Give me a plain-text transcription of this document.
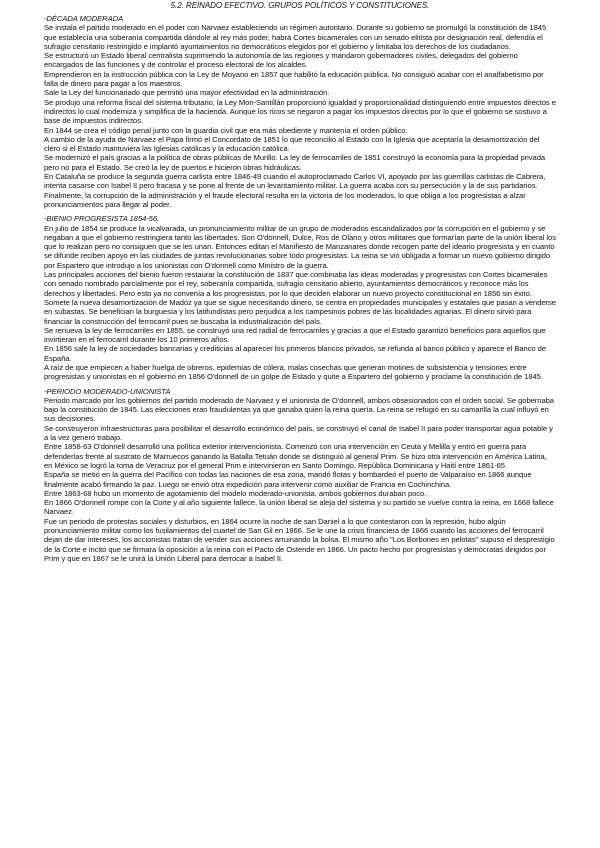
5.2. REINADO EFECTIVO. GRUPOS POLÍTICOS Y CONSTITUCIONES.
-DÉCADA MODERADA
Se instala el partido moderado en el poder con Narvaez estableciendo un régimen autoritario. Durante su gobierno se promulgó la constitución de 1845 que establecía una soberanía compartida dándole al rey más poder, habrá Cortes bicamerales con un senado elitista por designación real, defendía el sufragio censitario restringido e implantó ayuntamientos no democráticos elegidos por el gobierno y limitaba los derechos de los ciudadanos.
Se estructuró un Estado liberal centralista suprimiendo la autonomía de las regiones y mandaron gobernadores civiles, delegados del gobierno encargados de las funciones y de controlar el proceso electoral de los alcaldes.
Emprendieron en la instrucción pública con la Ley de Moyano en 1857 que habilitó la educación pública. No consiguió acabar con el analfabetismo por falta de dinero para pagar a los maestros.
Sale la Ley del funcionariado que permitió una mayor efectividad en la administración.
Se produjo una reforma fiscal del sistema tributario, la Ley Mon-Santillán proporcionó igualdad y proporcionalidad distinguiendo entre impuestos directos e indirectos lo cual moderniza y simplifica de la hacienda. Aunque los ricos se negaron a pagar los impuestos directos por lo que el gobierno se sostuvo a base de impuestos indirectos.
En 1844 se crea el código penal junto con la guardia civil que era más obediente y mantenía el orden público.
A cambio de la ayuda de Narvaez el Papa firmó el Concordato de 1851 lo que reconcilió al Estado con la Iglesia que aceptaría la desamortización del clero si el Estado mantuviera las Iglesias católicas y la educación católica.
Se modernizó el país gracias a la política de obras públicas de Murillo. La ley de ferrocarriles de 1851 construyó la economía para la propiedad privada pero no para el Estado. Se creó la ley de puertos e hicieron obras hidráulicas.
En Cataluña se produce la segunda guerra carlista entre 1846-49 cuando el autoproclamado Carlos VI, apoyado por las guerrillas carlistas de Cabrera, intenta casarse con Isabel II pero fracasa y se pone al frente de un levantamiento militar. La guerra acaba con su persecución y la de sus partidarios.
Finalmente, la corrupción de la administración y el fraude electoral resulta en la victoria de los moderados, lo que obliga a los progresistas a alzar pronunciamientos para llegar al poder.
-BIENIO PROGRESISTA 1854-56.
En julio de 1854 se produce la vicalvarada, un pronunciamiento militar de un grupo de moderados escandalizados por la corrupción en el gobierno y se negaban a que el gobierno restringiera tanto las libertades. Son O'donnell, Dulce, Ros de Olano y otros militares que formarían parte de la unión liberal los que lo realizan pero no consiguen que se les unan. Entonces editan el Manifiesto de Manzanares donde recogen parte del ideario progresista y en cuanto se difunde reciben apoyo en las ciudades de juntas revolucionarias sobre todo progresistas. La reina se vió obligada a formar un nuevo gobierno dirigido por Espartero que introdujo a los unionistas con O'donnell como Ministro de la guerra.
Las principales acciones del bienio fueron restaurar la constitución de 1837 que combinaba las ideas moderadas y progresistas con Cortes bicamerales con senado nombrado parcialmente por el rey, soberanía compartida, sufragio censitario abierto, ayuntamientos democráticos y reconoce más los derechos y libertades. Pero esto ya no convenía a los progresistas, por lo que deciden elaborar un nuevo proyecto constitucional en 1856 sin éxito.
Somete la nueva desamortización de Madóz ya que se sigue necesitando dinero, se centra en propiedades municipales y estatales que pasan a venderse en subastas. Se benefician la burguesía y los latifundistas pero perjudica a los campesinos pobres de las localidades agrarias. El dinero sirvió para financiar la construcción del ferrocarril pues se buscaba la industrialización del país.
Se renueva la ley de ferrocarriles en 1855, se construyó una red radial de ferrocarriles y gracias a que el Estado garantizó beneficios para aquellos que invirtieran en el ferrocarril durante los 10 primeros años.
En 1856 sale la ley de sociedades bancarias y crediticias al aparecer los primeros blancos privados, se refunda al banco público y aparece el Banco de España.
A raíz de que empiecen a haber huelga de obreros, epidemias de cólera, malas cosechas que generan motines de subsistencia y tensiones entre progresistas y unionistas en el gobierno en 1856 O'donnell de un golpe de Estado y quite a Espartero del gobierno y proclame la constitución de 1845.
-PERIODO MODERADO-UNIONISTA
Periodo marcado por los gobiernos del partido moderado de Narvaez y el unionista de O'donnell, ambos obsesionados con el orden social. Se gobernaba bajo la constitución de 1845. Las elecciones eran fraudulentas ya que ganaba quien la reina quería. La reina se refugió en su camarilla la cual influyó en sus decisiones.
Se construyeron infraestructuras para posibilitar el desarrollo económico del país, se construyó el canal de Isabel II para poder transportar agua potable y a la vez generó trabajo.
Entre 1858-63 O'donnell desarrolló una política exterior intervencionista. Comenzó con una intervención en Ceuta y Melilla y entró en guerra para defenderlas frente al sustrato de Marruecos ganando la Batalla Tetuán donde se distinguió al general Prim. Se hizo otra intervención en América Latina, en México se logró la toma de Veracruz por el general Prim e intervinieron en Santo Domingo, República Dominicana y Haití entre 1861-65.
España se metió en la guerra del Pacífico con todas las naciones de esa zona, mandó flotas y bombardeó el puerto de Valparaíso en 1866 aunque finalmente acabó firmando la paz. Luego se envió otra expedición para intervenir como auxiliar de Francia en Cochinchina.
Entre 1863-68 hubo un momento de agotamiento del modelo moderado-unionista, ambos gobiernos duraban poco.
En 1866 O'donnell rompe con la Corte y al año siguiente fallece, la unión liberal se aleja del sistema y su partido se vuelve contra la reina, en 1668 fallece Narvaez.
Fue un periodo de protestas sociales y disturbios, en 1864 ocurre la noche de san Daniel a lo que contestaron con la represión, hubo algún pronunciamiento militar como los fusilamientos del cuartel de San Gil en 1866. Se le une la crisis financiera de 1866 cuando las acciones del ferrocarril dejan de dar intereses, los accionistas tratan de vender sus acciones arruinando la bolsa. El mismo año "Los Borbones en pelotas" supuso el desprestigio de la Corte e incitó que se firmara la oposición a la reina con el Pacto de Ostende en 1866. Un pacto hecho por progresistas y demócratas dirigidos por Prim y que en 1867 se le unirá la Unión Liberal para derrocar a Isabel II.
